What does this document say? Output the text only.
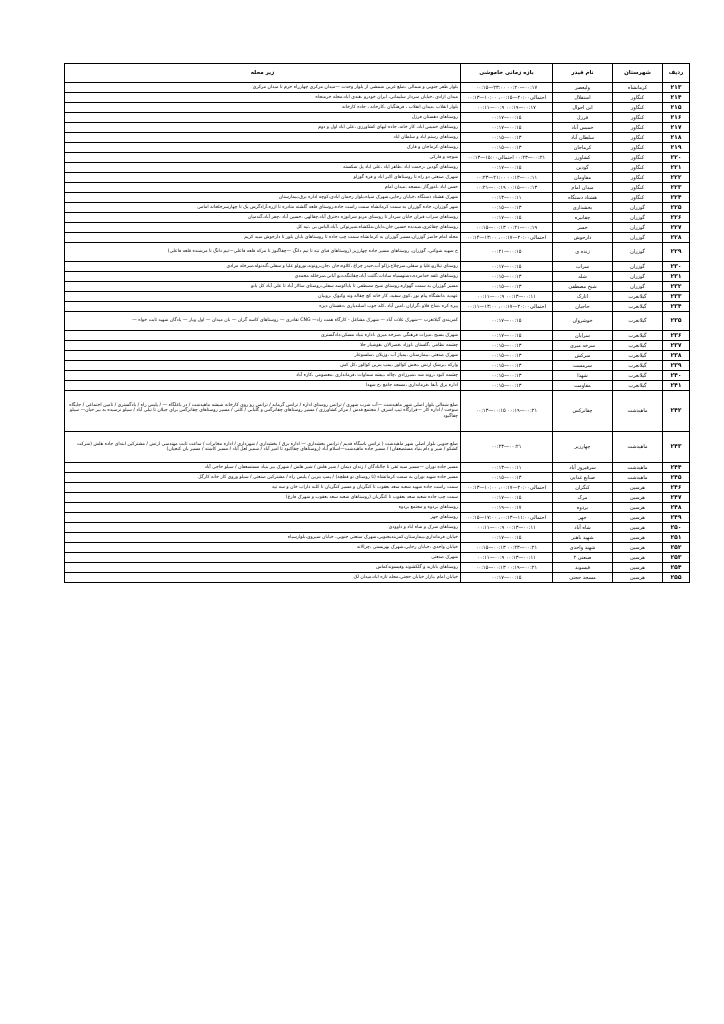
ردیف	شهرستان	نام فیدر	بازه زمانی خاموشی	زیر محله
۲۱۳	کرمانشاه	ولیعصر	۰۰:۱۷—۰۰:۲۰ ۲۳:۰۰—۰۰:۱۵	بلوار ظفر جنوبی و شمالی ،ضلع غربی شمشی از بلوار وحدت —میدان مرکزی چهارراه خرم تا میدان مرکزی
۲۱۴	کنگاور	استقلال	احتمالی۲۰:۰۰—۰۰:۱۵، ۱۰:۰۰—۰۰:۱۳	میدان ازادی ،خیابان سردار سلیمانی، ایران خودرو ،هندی اباد،محله خرمنجاه
۲۱۵	کنگاور	ابن احوال	۰۰:۱۷—۰۰:۱۹ ۰۰:۹—۰۰:۱۱	بلوار انقلاب ،میدان انقلاب ، فرهنگیان ،کارخانه ، جاده کارخانه
۲۱۶	کنگاور	فرزل	۰۰:۱۵—۰۰:۱۷	روستاهای دهستان فرزل
۲۱۷	کنگاور	خمیس آباد	۰۰:۱۵—۰۰:۱۷	روستاهای خمیس اباد، کار خانه، جاده لیهای کشاورزی ،علی اباد اول و دوم
۲۱۸	کنگاور	سلطان آباد	۰۰:۱۳—۰۰:۱۵	روستاهای رستم اباد و سلطان اباد
۲۱۹	کنگاور	کرماجان	۰۰:۱۳—۰۰:۱۵	روستاهای کرماجان و قارک
۲۲۰	کنگاور	کشاورز	۰۰:۲۱—۰۰:۲۳ احتمالی۱۵:۰۰—۰۰:۱۳	شوجه و فارکی
۲۲۱	کنگاور	گودین	۰۰:۱۵—۰۰:۱۷	روستاهای گودین ،رحمت اباد ،طاهر اباد ،علی اباد پل شکسته
۲۲۲	کنگاور	مقاومان	۰۰:۱۱—۰۰:۱۳ ۲۱:۰۰—۰۰:۲۳	شهرک صنعتی دو راه تا روستاهای اکبر اباد و فره گوزلو
۲۲۳	کنگاور	میدان امام	۰۰:۱۳—۰۰:۱۵ ۰۰:۱۹—۰۰:۲۱	حسن اباد ،امورگاز ،مسجد ،میدان امام
۲۲۴	کنگاور	هشتاد دستگاه	۰۰:۱۱—۰۰:۱۳	شهرک هشتاد دستگاه ،خیابان رجایی،شهرک سپاه،بلوار رحمان ابادی،کوچه اداره برق،بیمارستان
۲۲۵	گوزران	بخشداری	۰۰:۱۳—۰۰:۱۵	شهر گوزران، جاده گوزران به سمت کرمانشاه سمت راست جاده،روستای قلعه گلشنه منادره تا ازره،آزادگرس یک تا چهارسرحلخانه امامی
۲۲۶	گوزران	چقانیره	۰۰:۱۵—۰۰:۱۷	روستاهای سراب قبران جابان سردار تا روستای مرنو شرانوزه دخترق آباد،چقالهی ،حسین آباد ،چفر آباد،گندمیان
۲۲۷	گوزران	خسر	۰۰:۱۹—۰۰:۲۱ ۰۰:۱۳—۰۰:۱۵	روستاهای چقاغزی،شیدنده حسین خان،دایان،ملکشاه،شیرنوکی ،آباد،الیاس بی ،تبه کل
۲۲۸	گوزران	دارحوش	احتمالی۲۰:۰۰—۰۰:۱۷، ۱۳:۰۰—۰۰:۱۴	محله امام حاضر گوزران،مسیر گوزران به کرمانشاه سمت چپ جاده تا روستاهای بابان بلور تا دارحوش سید کریم
۲۲۹	گوزران	زنده ی	۰۰:۱۵—۰۰:۲۱	خ شهید شوکتی، گوزران، روستاهای مسیر جاده چهارزبر (روستاهای قبای تیه تا تیم دانگ —چقاگنوز تا مرکه قلعه فاعلی—تیم دانگ تا مرشنده قلعه فاعلی)
۲۳۰	گوزران	سراب	۰۰:۱۵—۰۰:۱۷	روستای تیلارو،علیا و سفلی،سرچلاخ،زالو آب،حیدر چراغ ،کلاوه،جان ،جان،روتوند،نورولو علیا و سفلی،گندنوله،سرخله مرادی
۲۳۱	گوزران	شله	۰۰:۱۳—۰۰:۱۵	روستاهای تلفه خدامرده،دشتهسیاه سادات،گلنت آباد،چقاتنگه،دیو آبانی،سرخلله محمدی
۲۳۲	گوزران	شیخ مصطفی	۰۰:۱۳—۰۰:۱۵	مسیر گوزران به سمت گهواره،روستای شیخ مصطفی تا باباکوسه سفلی،روستای سالار آباد تا علی آباد کل بانو
۲۳۳	گیلانغرب	اتارک	۰۰:۱۱—۰۰:۱۳ ۰۰:۹—۰۰:۱۱	عهدیه ،دانشگاه پیام نور ،کوی سفید، کار خانه کچ چقاله وند وکیوک ،روبیان
۲۳۴	گیلانغرب	حاجیان	احتمالی۲۰:۰۰—۰۰:۱۷، ۱۳:۰۰—۰۰:۱۱	پیره کره ،شاخ قلاو ،گراران ،امین آباد ،کله جوب اسلندیاری ،دهستان دیره
۲۳۵	گیلانغرب	خوشروان	۰۰:۱۵—۰۰:۱۷	کمربندی گیلانغرب —شهرک علات آباد — شهرک مشاغل - کارگاه همت زاد— CNG تقادری — روستاهای کاسه گران — بان میدان — اول ویار — یادگان شهید ثابت خواه —
۲۳۶	گیلانغرب	سرایان	۰۰:۱۵—۰۰:۱۷	شهرک بسیج ،میرات فرهنگی ،سرخه میری ،اداره بنیاد مسکن،دادگستری
۲۳۷	گیلانغرب	سرخه میری	۰۰:۱۳—۰۰:۱۵	چشمه نظامی ،گلستان ،اوزاد ،قصرالان ،هوشیار جلا
۲۳۸	گیلانغرب	سرکش	۰۰:۱۳—۰۰:۱۵	شهرک صنعتی ،بیمارستان ،پمپاژ آب ،وزیلان ،سلسوعار
۲۳۹	گیلانغرب	سرمست	۰۰:۱۳—۰۰:۱۵	وارکه ،برشک ارتش ،بخش کوالور ،پمپ بنزین کوالور ،کل کش
۲۴۰	گیلانغرب	شهدا	۰۰:۱۳—۰۰:۱۵	چشمه کبود ،رونه شد ،شیرزادی ،چاله ،بیشه سماوات ،فرمانداری ،معصومی ،کازه آباد
۲۴۱	گیلانغرب	مقاومت	۰۰:۱۳—۰۰:۱۵	اداره برق ،آبفا ،فرمانداری ،مسجد جامع ،خ شهدا
۲۴۲	ماهیدشت	چقانرکس	۰۰:۲۱—۰۰:۱۹ ۰۰:۱۵—۰۰:۱۳	ضلع شمالی بلوار اصلی شهر ماهیدشت —آب شرب شهری / ترانس روستای اداره / ترانس گرمابه / ترانس رو روی کارخانه شیشه ماهیدشت / در باغلگاه — / پلیس راه / بادگستری / تامین اجتماعی / جایگاه سوخت / اداره کار —قرارگاه تیپ اشرف / مجتمع قدس / مرکز کشاورزی / مسیر روستاهای چقانرگس و گلبابی / کلنی / مسیر روستاهای چقانرگس برای جیلان تا نیلی آباد / سیلو نرسیده به بیر حیان— سیلو چقاگبود
۲۴۳	ماهیدشت	چهارزبر	۰۰:۲۱—۰۰:۲۳	ضلع جنوبی بلوار اصلی شهر ماهیدشت ( ترانس باسگاه قدیم / ترانس بخشداری — اداره برق / بخشداری / شهرداری / اداره مخابرات / ساعت ثابت مهندسی ارتش / مشترکین ابتدای جاده هلش (شرکت کشکو / شیر و دام بنیاد مستضعفان) / مسیر جاده ماهیدشت—اسلام آباد (روستاهای چقاکبود تا امیر آباد / سمیر لعل آباد / مسیر کاشته / مسیر بان کنجیان)
۲۴۴	ماهیدشت	سرفیروز آباد	۰۰:۱۱—۰۰:۱۳	مسیر جاده نوران —مسیر سیه ثقی تا جالنادگان / زندان دیمان / شیر هلش / شیر هلش / شهرک بیر بنیاد مستضعفان / سیلو حاجی آباد
۲۴۵	ماهیدشت	صنایع غذایی	۰۰:۱۳—۰۰:۱۵	مسیر جاده شهید نوران به سمت کرمانشاه (تا روستای تو قطچه) / پمپ بنزین / پلیس راه / مشترکین صنعتی / سیلو وروی کار خانه کارگل
۲۴۶	هرسین	کنگزان	احتمالی۲۰:۰۰—۰۰:۱۷، ۱۰:۰۰—۰۰:۱۳	سمت راست جاده شهید شعبه سعد بعقوب تا کنگزبان و مسیر کنگزبان تا کلبه داراب خان و سه تپه
۲۴۷	هرسین	مرک	۰۰:۱۵—۰۰:۱۷	سمت چپ جاده شعبه سعد بعقوب تا کنگزبان (روستاهای شعبه سعد بعقوب و شهرک فارغ)
۲۴۸	هرسین	بردوه	۰۰:۱۷—۰۰:۱۹	روستاهای بردوه و مجتمع بردوه
۲۴۹	هرسین	جهر	احتمالی۱۱:۰۰—۰۰:۱۳، ۱۷:۰۰—۰۰:۱۵	روستاهای جهر
۲۵۰	هرسین	شاه آباد	۰۰:۱۱—۰۰:۱۳ ۰۰:۹—۰۰:۱۱	روستاهای شرک و شاه اباد و داوودی
۲۵۱	هرسین	شهید باهنر	۰۰:۱۵—۰۰:۱۷	خیابان فرمانداری،بیمارستان،کمربندیجنوبی،شهرک سنعتی جنوبی، خیابان شیروی،بلوارسیاه
۲۵۲	هرسین	شهید واحدی	۰۰:۲۱—۰۰:۲۳ ۰۰:۱۳—۰۰:۱۵	خیابان واحدی ،خیابان رجایی،شهرک بهزیستی ،چرالانه
۲۵۳	هرسین	صنعتی ۲	۰۰:۱۱—۰۰:۱۳ ۰۰:۹—۰۰:۱۱	شهرک صنعتی
۲۵۴	هرسین	فیسوند	۰۰:۲۱—۰۰:۱۹ ۰۰:۱۳—۰۰:۱۵	روستاهای بابازید و گلکشوند وفیسوندکماس
۲۵۵	هرسین	مسجد حجتی	۰۰:۱۵—۰۰:۱۷	خیابان امام ،بازار خیابان حجتی،محله تازه اباد،میدان لک
